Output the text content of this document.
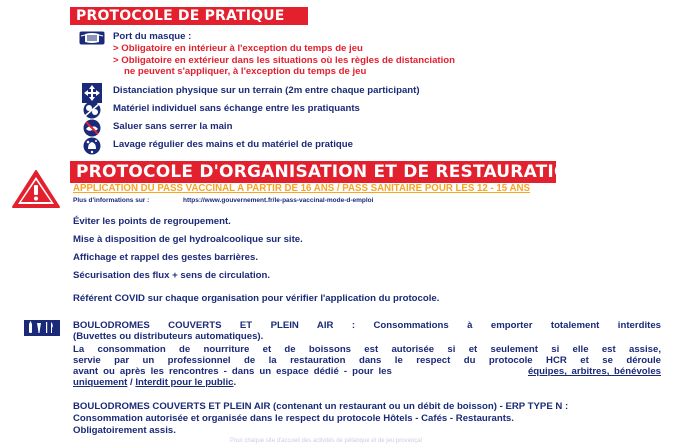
PROTOCOLE DE PRATIQUE
Port du masque :
> Obligatoire en intérieur à l'exception du temps de jeu
> Obligatoire en extérieur dans les situations où les règles de distanciation
ne peuvent s'appliquer, à l'exception du temps de jeu
Distanciation physique sur un terrain (2m entre chaque participant)
Matériel individuel sans échange entre les pratiquants
Saluer sans serrer la main
Lavage régulier des mains et du matériel de pratique
PROTOCOLE D'ORGANISATION ET DE RESTAURATION
APPLICATION DU PASS VACCINAL A PARTIR DE 16 ANS / PASS SANITAIRE POUR LES 12 - 15 ANS
Plus d'informations sur :	https://www.gouvernement.fr/le-pass-vaccinal-mode-d-emploi
Éviter les points de regroupement.
Mise à disposition de gel hydroalcoolique sur site.
Affichage et rappel des gestes barrières.
Sécurisation des flux + sens de circulation.
Référent COVID sur chaque organisation pour vérifier l'application du protocole.
BOULODROMES COUVERTS ET PLEIN AIR : Consommations à emporter totalement interdites
(Buvettes ou distributeurs automatiques).
La consommation de nourriture et de boissons est autorisée si et seulement si elle est assise,
servie par un professionnel de la restauration dans le respect du protocole HCR et se déroule
avant ou après les rencontres - dans un espace dédié - pour les	équipes, arbitres, bénévoles
uniquement / Interdit pour le public.
BOULODROMES COUVERTS ET PLEIN AIR (contenant un restaurant ou un débit de boisson) - ERP TYPE N :
Consommation autorisée et organisée dans le respect du protocole Hôtels - Cafés - Restaurants.
Obligatoirement assis.
Pour chaque site d'accueil des activités de pétanque et de jeu provençal
